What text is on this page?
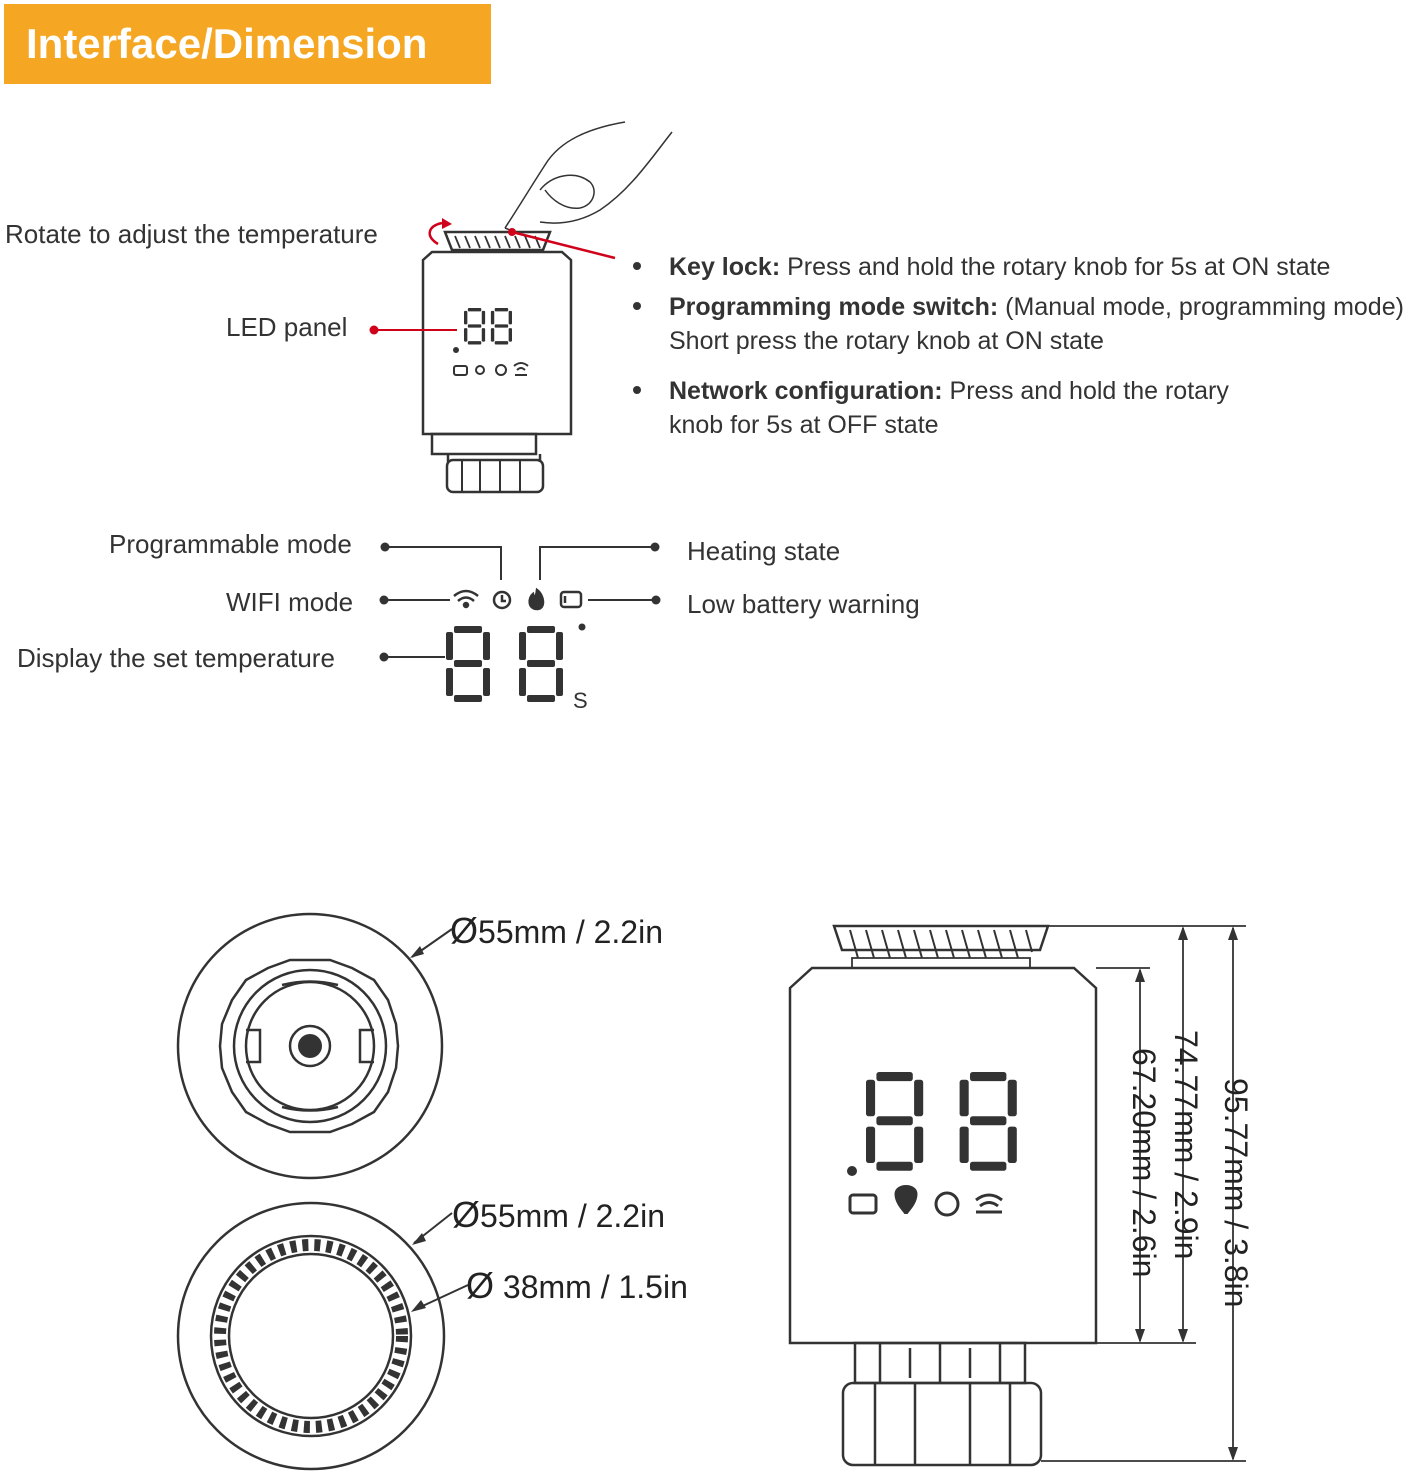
Interface/Dimension
Rotate to adjust the temperature
LED panel
Key lock: Press and hold the rotary knob for 5s at ON state
Programming mode switch: (Manual mode, programming mode)
Short press the rotary knob at ON state
Network configuration: Press and hold the rotary
knob for 5s at OFF state
Programmable mode
WIFI mode
Display the set temperature
Heating state
Low battery warning
S
Ø55mm / 2.2in
Ø55mm / 2.2in
Ø 38mm / 1.5in
67.20mm / 2.6in 74.77mm / 2.9in 95.77mm / 3.8in
